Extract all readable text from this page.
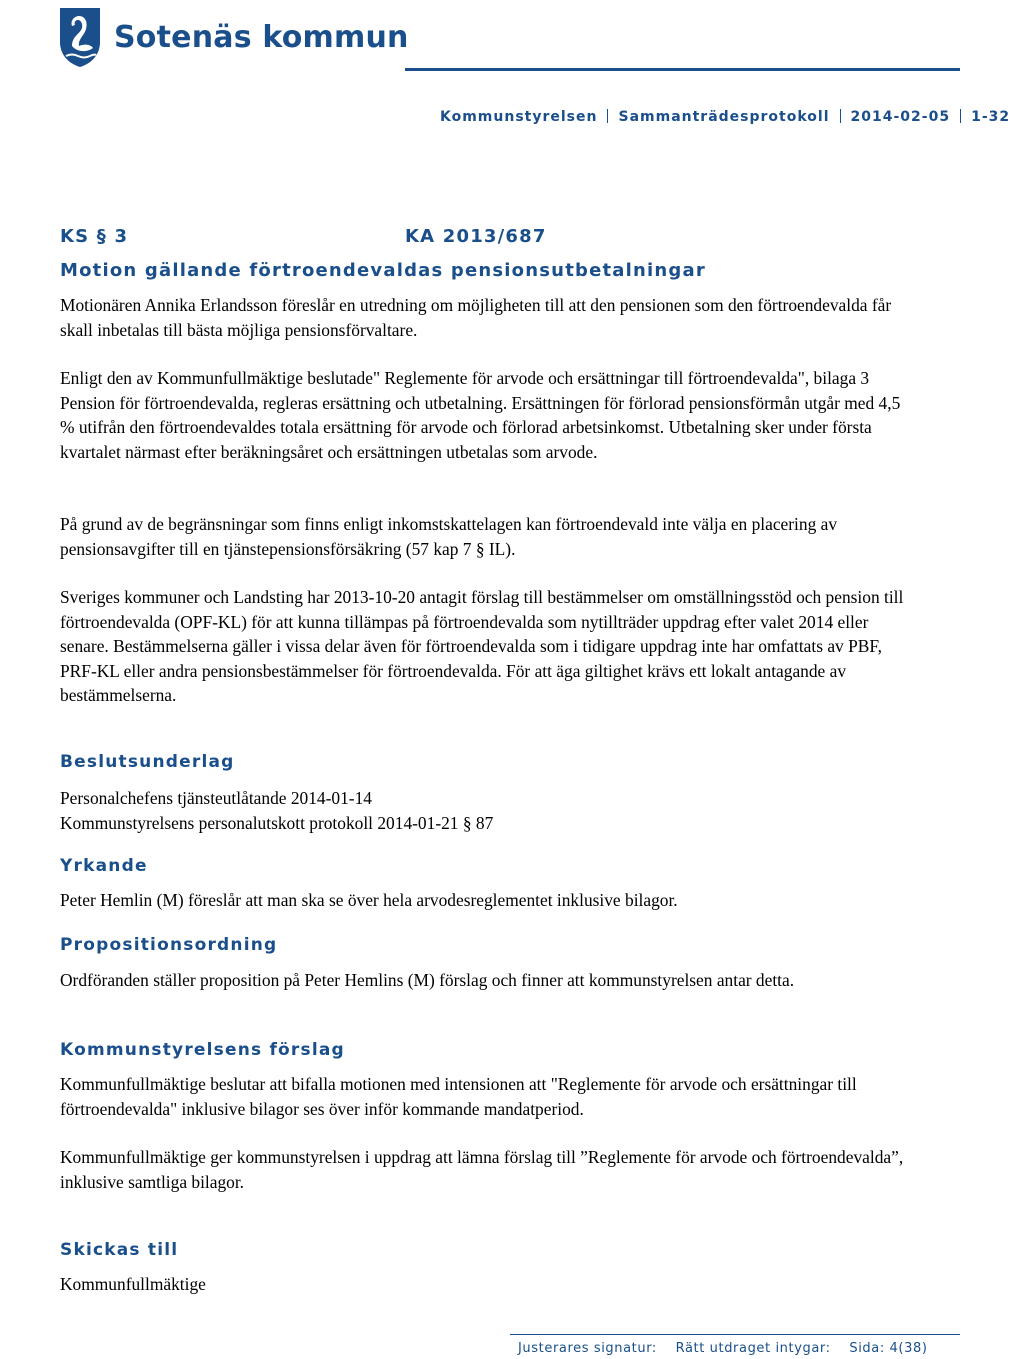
Sotenäs kommun
Kommunstyrelsen Sammanträdesprotokoll 2014-02-05 1-32
KS § 3	KA 2013/687
Motion gällande förtroendevaldas pensionsutbetalningar

Motionären Annika Erlandsson föreslår en utredning om möjligheten till att den pensionen som den förtroendevalda får skall inbetalas till bästa möjliga pensionsförvaltare.

Enligt den av Kommunfullmäktige beslutade" Reglemente för arvode och ersättningar till förtroendevalda", bilaga 3 Pension för förtroendevalda, regleras ersättning och utbetalning. Ersättningen för förlorad pensionsförmån utgår med 4,5 % utifrån den förtroendevaldes totala ersättning för arvode och förlorad arbetsinkomst. Utbetalning sker under första kvartalet närmast efter beräkningsåret och ersättningen utbetalas som arvode.

På grund av de begränsningar som finns enligt inkomstskattelagen kan förtroendevald inte välja en placering av pensionsavgifter till en tjänstepensionsförsäkring (57 kap 7 § IL).

Sveriges kommuner och Landsting har 2013-10-20 antagit förslag till bestämmelser om omställningsstöd och pension till förtroendevalda (OPF-KL) för att kunna tillämpas på förtroendevalda som nytillträder uppdrag efter valet 2014 eller senare. Bestämmelserna gäller i vissa delar även för förtroendevalda som i tidigare uppdrag inte har omfattats av PBF, PRF-KL eller andra pensionsbestämmelser för förtroendevalda. För att äga giltighet krävs ett lokalt antagande av bestämmelserna.

Beslutsunderlag

Personalchefens tjänsteutlåtande 2014-01-14

Kommunstyrelsens personalutskott protokoll 2014-01-21 § 87

Yrkande

Peter Hemlin (M) föreslår att man ska se över hela arvodesreglementet inklusive bilagor.

Propositionsordning

Ordföranden ställer proposition på Peter Hemlins (M) förslag och finner att kommunstyrelsen antar detta.

Kommunstyrelsens förslag

Kommunfullmäktige beslutar att bifalla motionen med intensionen att "Reglemente för arvode och ersättningar till förtroendevalda" inklusive bilagor ses över inför kommande mandatperiod.

Kommunfullmäktige ger kommunstyrelsen i uppdrag att lämna förslag till ”Reglemente för arvode och förtroendevalda”, inklusive samtliga bilagor.

Skickas till

Kommunfullmäktige

Justerares signatur: Rätt utdraget intygar: Sida: 4(38)
